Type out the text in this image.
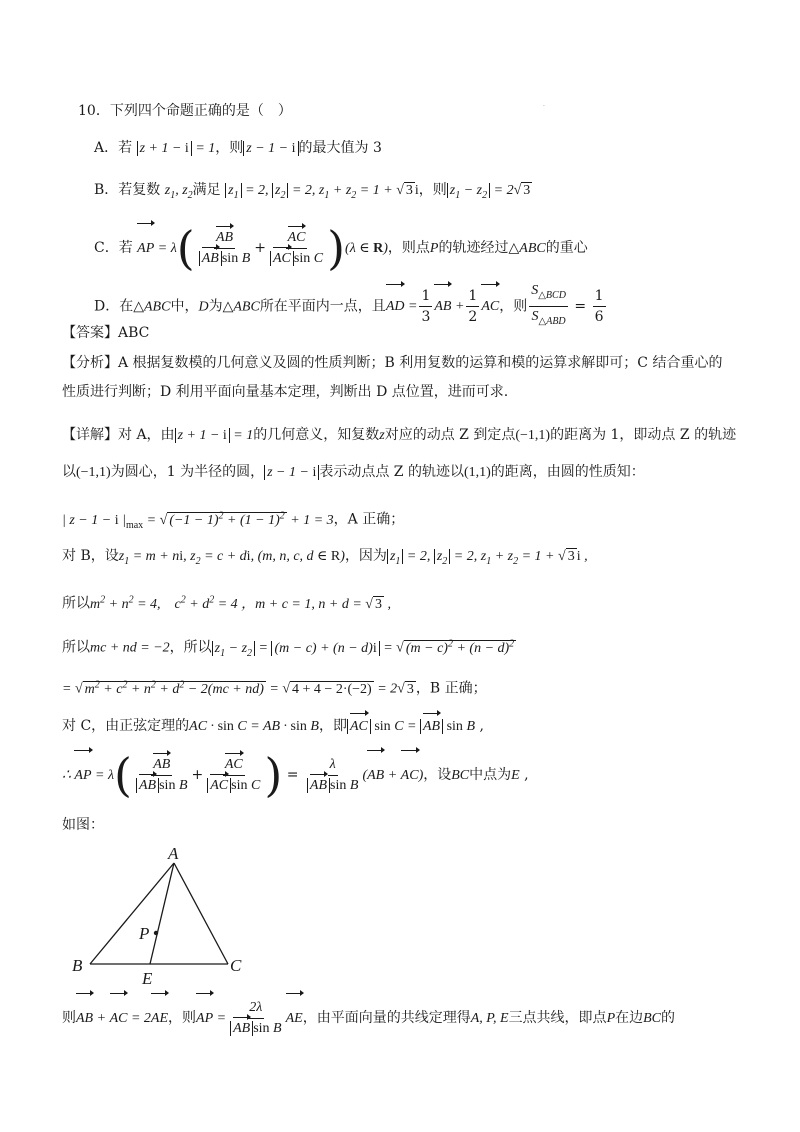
·
10．下列四个命题正确的是（　）
A．若 z + 1 − i = 1，则 z − 1 − i 的最大值为 3
B．若复数 $z_1$, $z_2$满足 $z_1 = 2$, $z_2 = 2$, $z_1 + z_2 = 1$ + √ 3 i，则 $z_1 - z_2 = 2√$ 3
C．若 AP = $\lambda( \frac{AB}{\text{AB sin B}} + \frac{AC}{\text{AC sin C}} )(\lambda$ ∈ R)，则点P的轨迹经过△ABC的重心
D．在△ABC中，D为△ABC所在平面内一点，且AD = $\frac{1}{3}$ AB + $\frac{1}{2}$ AC，则 $\frac{S_{\triangle BCD}}{S_{\triangle ABD}} = \frac{1}{6}$
【答案】ABC
【分析】A 根据复数模的几何意义及圆的性质判断；B 利用复数的运算和模的运算求解即可；C 结合重心的
性质进行判断；D 利用平面向量基本定理，判断出 D 点位置，进而可求.
【详解】对 A，由 z + 1 − i = 1的几何意义，知复数z对应的动点 Z 到定点(−1,1)的距离为 1，即动点 Z 的轨迹
以(−1,1)为圆心，1 为半径的圆， z − 1 − i 表示动点点 Z 的轨迹以(1,1)的距离，由圆的性质知：
| z − 1 − i $|_{max}$ = √ $(-1 - 1)^2 + (1 - 1)^2 + 1 = 3$，A 正确；
对 B，设$z_1 = m$ + ni, $z_2 = c$ + di, (m, n, c, d ∈ R)，因为 $z_1 = 2$, $z_2 = 2$, $z_1 + z_2 = 1$ + √ 3 i ,
所以$m^2 + n^2 = 4$,　$c^2 + d^2 = 4$ ，m + c = 1, n + d = √ 3 ,
所以mc + nd = −2，所以 $z_1 - z_2 = (m - c) + (n - d)i$ = √ $(m - c)^2 + (n - d)^2$
= √ $m^2 + c^2 + n^2 + d^2 - 2(mc + nd)$ = √ 4 + 4 − 2·(−2) = 2√ 3 ，B 正确；
对 C，由正弦定理的AC · sin C = AB · sin B，即 AC sin C = AB sin B ,
∴ AP = $\lambda( \frac{AB}{\text{AB sin B}} + \frac{AC}{\text{AC sin C}}$ ) = $\frac{\lambda}{\text{AB sin B}} (AB + AC)$，设BC中点为E ,
如图：
A
B	C
P
E
则AB + AC = 2AE，则AP = $\frac{2\lambda}{\text{AB sin B}}$ AE，由平面向量的共线定理得A, P, E三点共线，即点P在边BC的
